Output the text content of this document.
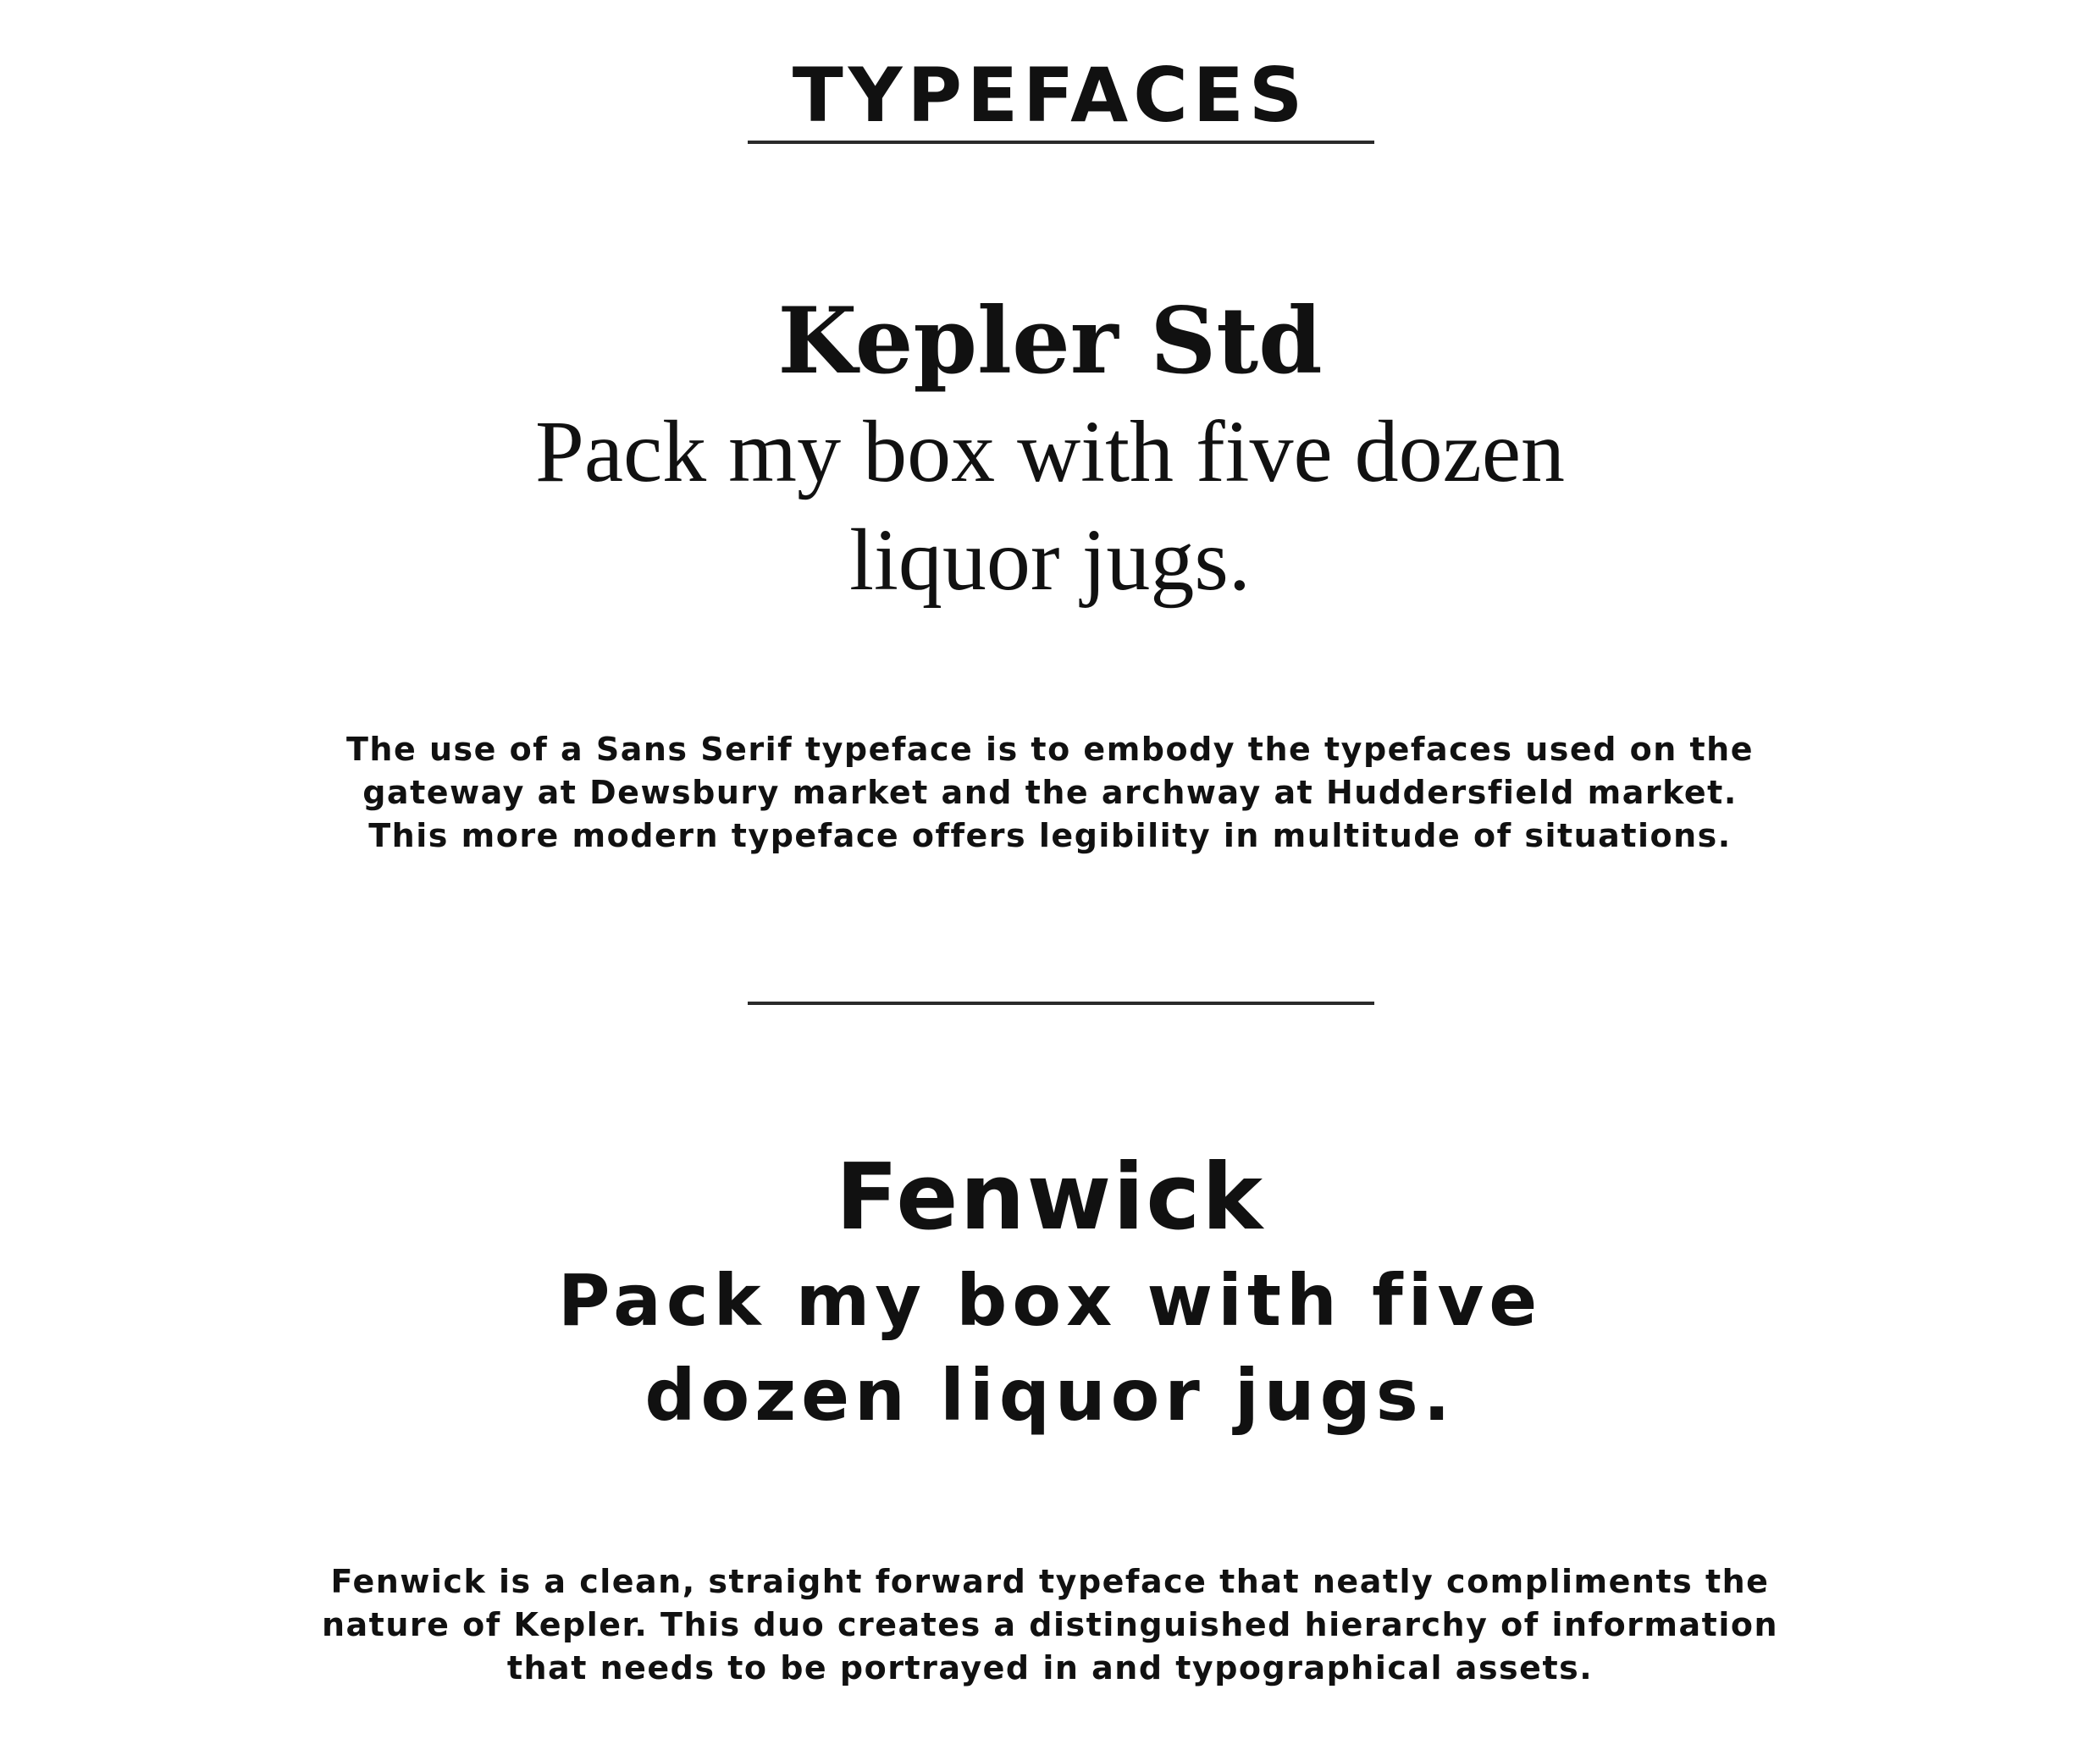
TYPEFACES
Kepler Std
Pack my box with five dozen liquor jugs.
The use of a Sans Serif typeface is to embody the typefaces used on the gateway at Dewsbury market and the archway at Huddersfield market. This more modern typeface offers legibility in multitude of situations.
Fenwick
Pack my box with five dozen liquor jugs.
Fenwick is a clean, straight forward typeface that neatly compliments the nature of Kepler. This duo creates a distinguished hierarchy of information that needs to be portrayed in and typographical assets.
